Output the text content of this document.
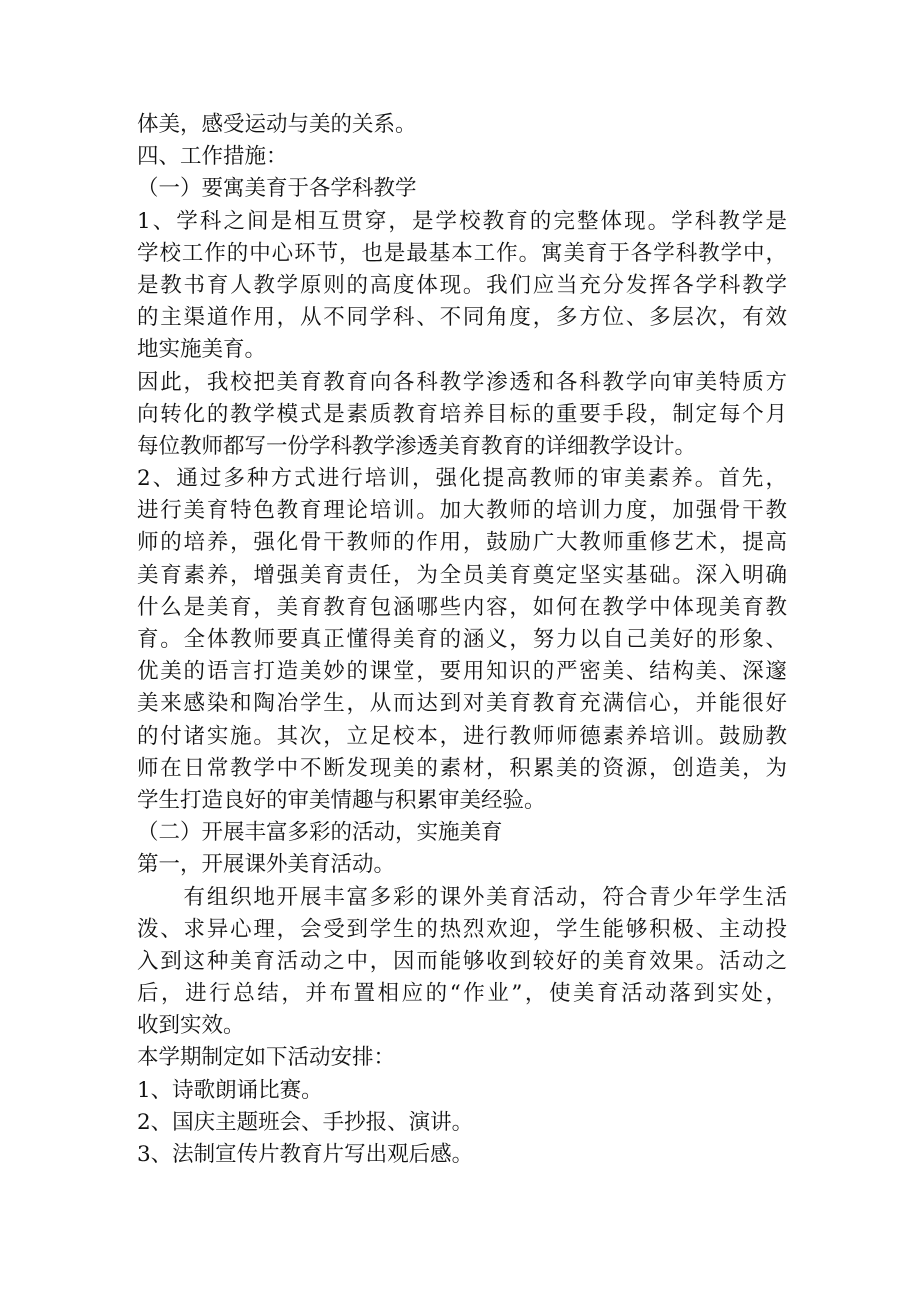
体美，感受运动与美的关系。
四、工作措施：
（一）要寓美育于各学科教学
1、学科之间是相互贯穿，是学校教育的完整体现。学科教学是
学校工作的中心环节，也是最基本工作。寓美育于各学科教学中，
是教书育人教学原则的高度体现。我们应当充分发挥各学科教学
的主渠道作用，从不同学科、不同角度，多方位、多层次，有效
地实施美育。
因此，我校把美育教育向各科教学渗透和各科教学向审美特质方
向转化的教学模式是素质教育培养目标的重要手段，制定每个月
每位教师都写一份学科教学渗透美育教育的详细教学设计。
2、通过多种方式进行培训，强化提高教师的审美素养。首先，
进行美育特色教育理论培训。加大教师的培训力度，加强骨干教
师的培养，强化骨干教师的作用，鼓励广大教师重修艺术，提高
美育素养，增强美育责任，为全员美育奠定坚实基础。深入明确
什么是美育，美育教育包涵哪些内容，如何在教学中体现美育教
育。全体教师要真正懂得美育的涵义，努力以自己美好的形象、
优美的语言打造美妙的课堂，要用知识的严密美、结构美、深邃
美来感染和陶冶学生，从而达到对美育教育充满信心，并能很好
的付诸实施。其次，立足校本，进行教师师德素养培训。鼓励教
师在日常教学中不断发现美的素材，积累美的资源，创造美，为
学生打造良好的审美情趣与积累审美经验。
（二）开展丰富多彩的活动，实施美育
第一，开展课外美育活动。
　　有组织地开展丰富多彩的课外美育活动，符合青少年学生活
泼、求异心理，会受到学生的热烈欢迎，学生能够积极、主动投
入到这种美育活动之中，因而能够收到较好的美育效果。活动之
后，进行总结，并布置相应的“作业”，使美育活动落到实处，
收到实效。
本学期制定如下活动安排：
1、诗歌朗诵比赛。
2、国庆主题班会、手抄报、演讲。
3、法制宣传片教育片写出观后感。
